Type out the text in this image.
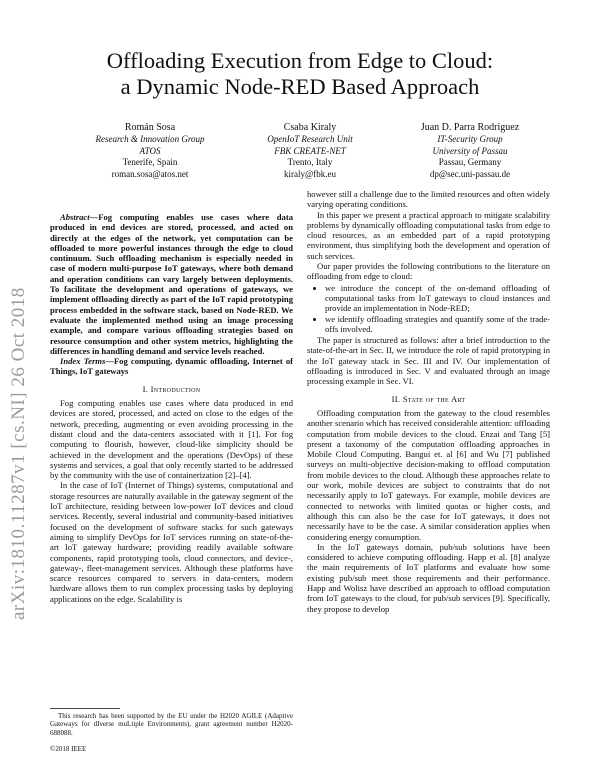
arXiv:1810.11287v1 [cs.NI] 26 Oct 2018
Offloading Execution from Edge to Cloud:
a Dynamic Node-RED Based Approach
Román Sosa
Research & Innovation Group
ATOS
Tenerife, Spain
roman.sosa@atos.net
Csaba Kiraly
OpenIoT Research Unit
FBK CREATE-NET
Trento, Italy
kiraly@fbk.eu
Juan D. Parra Rodriguez
IT-Security Group
University of Passau
Passau, Germany
dp@sec.uni-passau.de

Abstract—Fog computing enables use cases where data produced in end devices are stored, processed, and acted on directly at the edges of the network, yet computation can be offloaded to more powerful instances through the edge to cloud continuum. Such offloading mechanism is especially needed in case of modern multi-purpose IoT gateways, where both demand and operation conditions can vary largely between deployments. To facilitate the development and operations of gateways, we implement offloading directly as part of the IoT rapid prototyping process embedded in the software stack, based on Node-RED. We evaluate the implemented method using an image processing example, and compare various offloading strategies based on resource consumption and other system metrics, highlighting the differences in handling demand and service levels reached.

Index Terms—Fog computing, dynamic offloading, Internet of Things, IoT gateways

I. Introduction

Fog computing enables use cases where data produced in end devices are stored, processed, and acted on close to the edges of the network, preceding, augmenting or even avoiding processing in the distant cloud and the data-centers associated with it [1]. For fog computing to flourish, however, cloud-like simplicity should be achieved in the development and the operations (DevOps) of these systems and services, a goal that only recently started to be addressed by the community with the use of containerization [2]–[4].

In the case of IoT (Internet of Things) systems, computational and storage resources are naturally available in the gateway segment of the IoT architecture, residing between low-power IoT devices and cloud services. Recently, several industrial and community-based initiatives focused on the development of software stacks for such gateways aiming to simplify DevOps for IoT services running on state-of-the-art IoT gateway hardware; providing readily available software components, rapid prototyping tools, cloud connectors, and device-, gateway-, fleet-management services. Although these platforms have scarce resources compared to servers in data-centers, modern hardware allows them to run complex processing tasks by deploying applications on the edge. Scalability is

This research has been supported by the EU under the H2020 AGILE (Adaptive Gateways for dIverse muLtiple Environments), grant agreement number H2020-688088.
©2018 IEEE

however still a challenge due to the limited resources and often widely varying operating conditions.

In this paper we present a practical approach to mitigate scalability problems by dynamically offloading computational tasks from edge to cloud resources, as an embedded part of a rapid prototyping environment, thus simplifying both the development and operation of such services.

Our paper provides the following contributions to the literature on offloading from edge to cloud:

• we introduce the concept of the on-demand offloading of computational tasks from IoT gateways to cloud instances and provide an implementation in Node-RED;
• we identify offloading strategies and quantify some of the trade-offs involved.

The paper is structured as follows: after a brief introduction to the state-of-the-art in Sec. II, we introduce the role of rapid prototyping in the IoT gateway stack in Sec. III and IV. Our implementation of offloading is introduced in Sec. V and evaluated through an image processing example in Sec. VI.

II. State of the Art

Offloading computation from the gateway to the cloud resembles another scenario which has received considerable attention: offloading computation from mobile devices to the cloud. Enzai and Tang [5] present a taxonomy of the computation offloading approaches in Mobile Cloud Computing. Bangui et. al [6] and Wu [7] published surveys on multi-objective decision-making to offload computation from mobile devices to the cloud. Although these approaches relate to our work, mobile devices are subject to constraints that do not necessarily apply to IoT gateways. For example, mobile devices are connected to networks with limited quotas or higher costs, and although this can also be the case for IoT gateways, it does not necessarily have to be the case. A similar consideration applies when considering energy consumption.

In the IoT gateways domain, pub/sub solutions have been considered to achieve computing offloading. Happ et al. [8] analyze the main requirements of IoT platforms and evaluate how some existing pub/sub meet those requirements and their performance. Happ and Wolisz have described an approach to offload computation from IoT gateways to the cloud, for pub/sub services [9]. Specifically, they propose to develop
